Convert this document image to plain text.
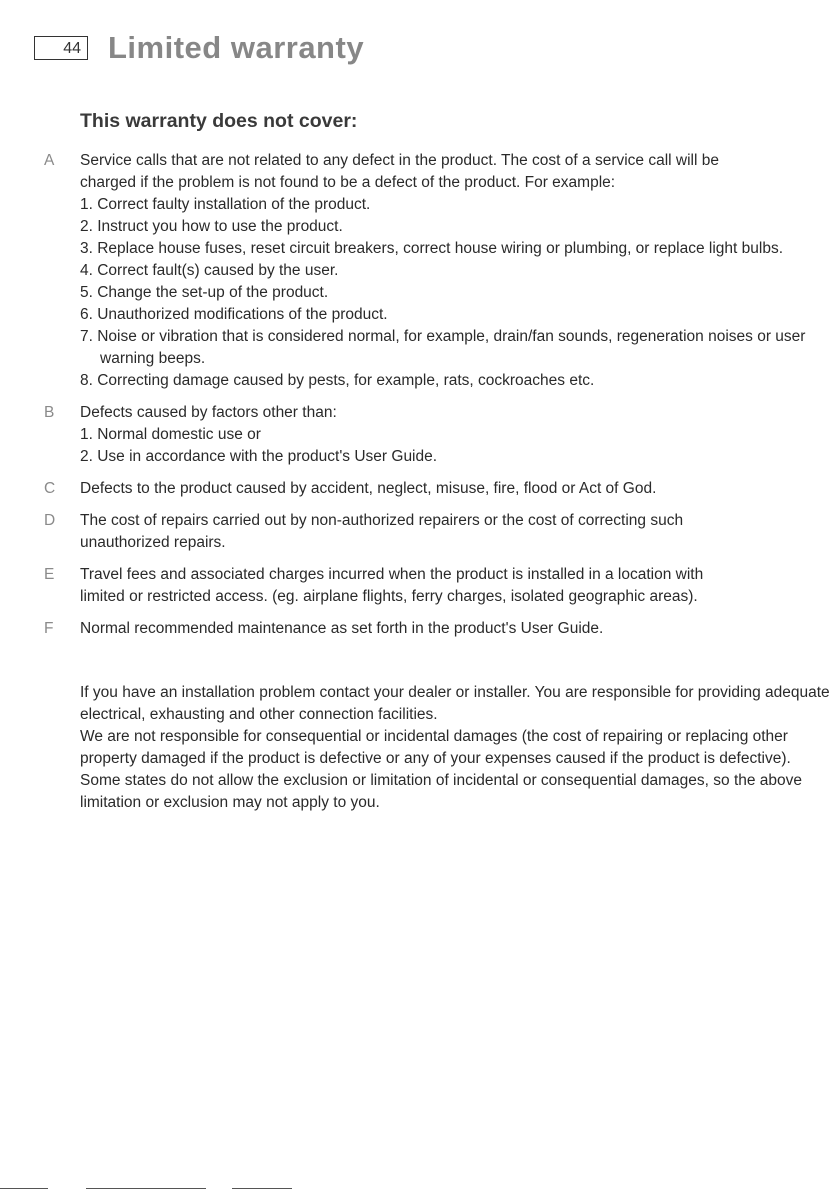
44 Limited warranty
This warranty does not cover:
A	Service calls that are not related to any defect in the product. The cost of a service call will be
charged if the problem is not found to be a defect of the product. For example:
1. Correct faulty installation of the product.
2. Instruct you how to use the product.
3. Replace house fuses, reset circuit breakers, correct house wiring or plumbing, or replace light bulbs.
4. Correct fault(s) caused by the user.
5. Change the set-up of the product.
6. Unauthorized modifications of the product.
7. Noise or vibration that is considered normal, for example, drain/fan sounds, regeneration noises or user warning beeps.
8. Correcting damage caused by pests, for example, rats, cockroaches etc.
B	Defects caused by factors other than:
1. Normal domestic use or
2. Use in accordance with the product's User Guide.
C	Defects to the product caused by accident, neglect, misuse, fire, flood or Act of God.
D	The cost of repairs carried out by non-authorized repairers or the cost of correcting such
unauthorized repairs.
E	Travel fees and associated charges incurred when the product is installed in a location with
limited or restricted access. (eg. airplane flights, ferry charges, isolated geographic areas).
F	Normal recommended maintenance as set forth in the product's User Guide.

If you have an installation problem contact your dealer or installer. You are responsible for providing adequate electrical, exhausting and other connection facilities.

We are not responsible for consequential or incidental damages (the cost of repairing or replacing other property damaged if the product is defective or any of your expenses caused if the product is defective). Some states do not allow the exclusion or limitation of incidental or consequential damages, so the above limitation or exclusion may not apply to you.
